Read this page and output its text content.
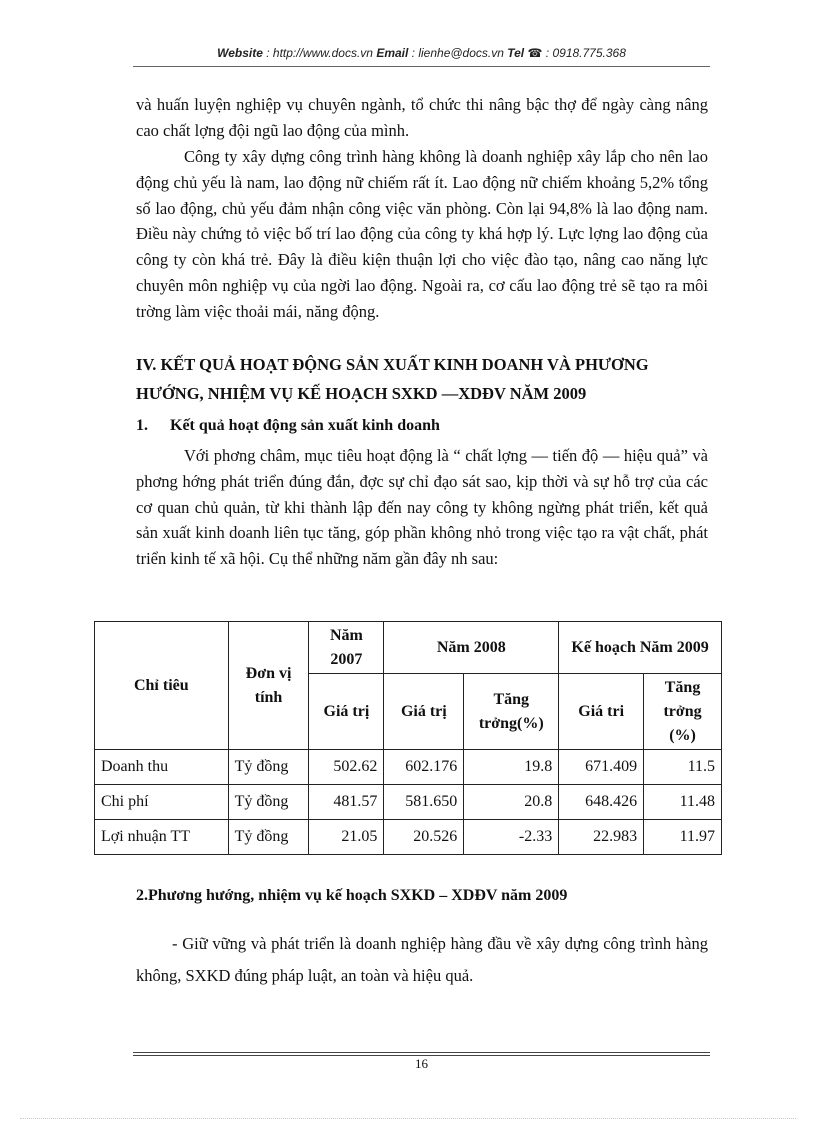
Website : http://www.docs.vn Email : lienhe@docs.vn Tel ☎ : 0918.775.368

và huấn luyện nghiệp vụ chuyên ngành, tổ chức thi nâng bậc thợ để ngày càng nâng cao chất lợng đội ngũ lao động của mình.

Công ty xây dựng công trình hàng không là doanh nghiệp xây lắp cho nên lao động chủ yếu là nam, lao động nữ chiếm rất ít. Lao động nữ chiếm khoảng 5,2% tổng số lao động, chủ yếu đảm nhận công việc văn phòng. Còn lại 94,8% là lao động nam. Điều này chứng tỏ việc bố trí lao động của công ty khá hợp lý. Lực lợng lao động của công ty còn khá trẻ. Đây là điều kiện thuận lợi cho việc đào tạo, nâng cao năng lực chuyên môn nghiệp vụ của ngời lao động. Ngoài ra, cơ cấu lao động trẻ sẽ tạo ra môi trờng làm việc thoải mái, năng động.

IV. KẾT QUẢ HOẠT ĐỘNG SẢN XUẤT KINH DOANH VÀ PHƯƠNG HƯỚNG, NHIỆM VỤ KẾ HOẠCH SXKD —XDĐV NĂM 2009

1. Kết quả hoạt động sản xuất kinh doanh

Với phơng châm, mục tiêu hoạt động là “ chất lợng — tiến độ — hiệu quả” và phơng hớng phát triển đúng đắn, đợc sự chỉ đạo sát sao, kịp thời và sự hỗ trợ của các cơ quan chủ quản, từ khi thành lập đến nay công ty không ngừng phát triển, kết quả sản xuất kinh doanh liên tục tăng, góp phần không nhỏ trong việc tạo ra vật chất, phát triển kinh tế xã hội. Cụ thể những năm gần đây nh sau:

Chỉ tiêu	Đơn vị tính	Năm 2007	Năm 2008		Kế hoạch Năm 2009	
		Giá trị	Giá trị	Tăng trởng(%)	Giá tri	Tăng trởng (%)
Doanh thu	Tỷ đồng	502.62	602.176	19.8	671.409	11.5
Chi phí	Tỷ đồng	481.57	581.650	20.8	648.426	11.48
Lợi nhuận TT	Tỷ đồng	21.05	20.526	-2.33	22.983	11.97
2.Phương hướng, nhiệm vụ kế hoạch SXKD – XDĐV năm 2009

- Giữ vững và phát triển là doanh nghiệp hàng đầu về xây dựng công trình hàng không, SXKD đúng pháp luật, an toàn và hiệu quả.

16
